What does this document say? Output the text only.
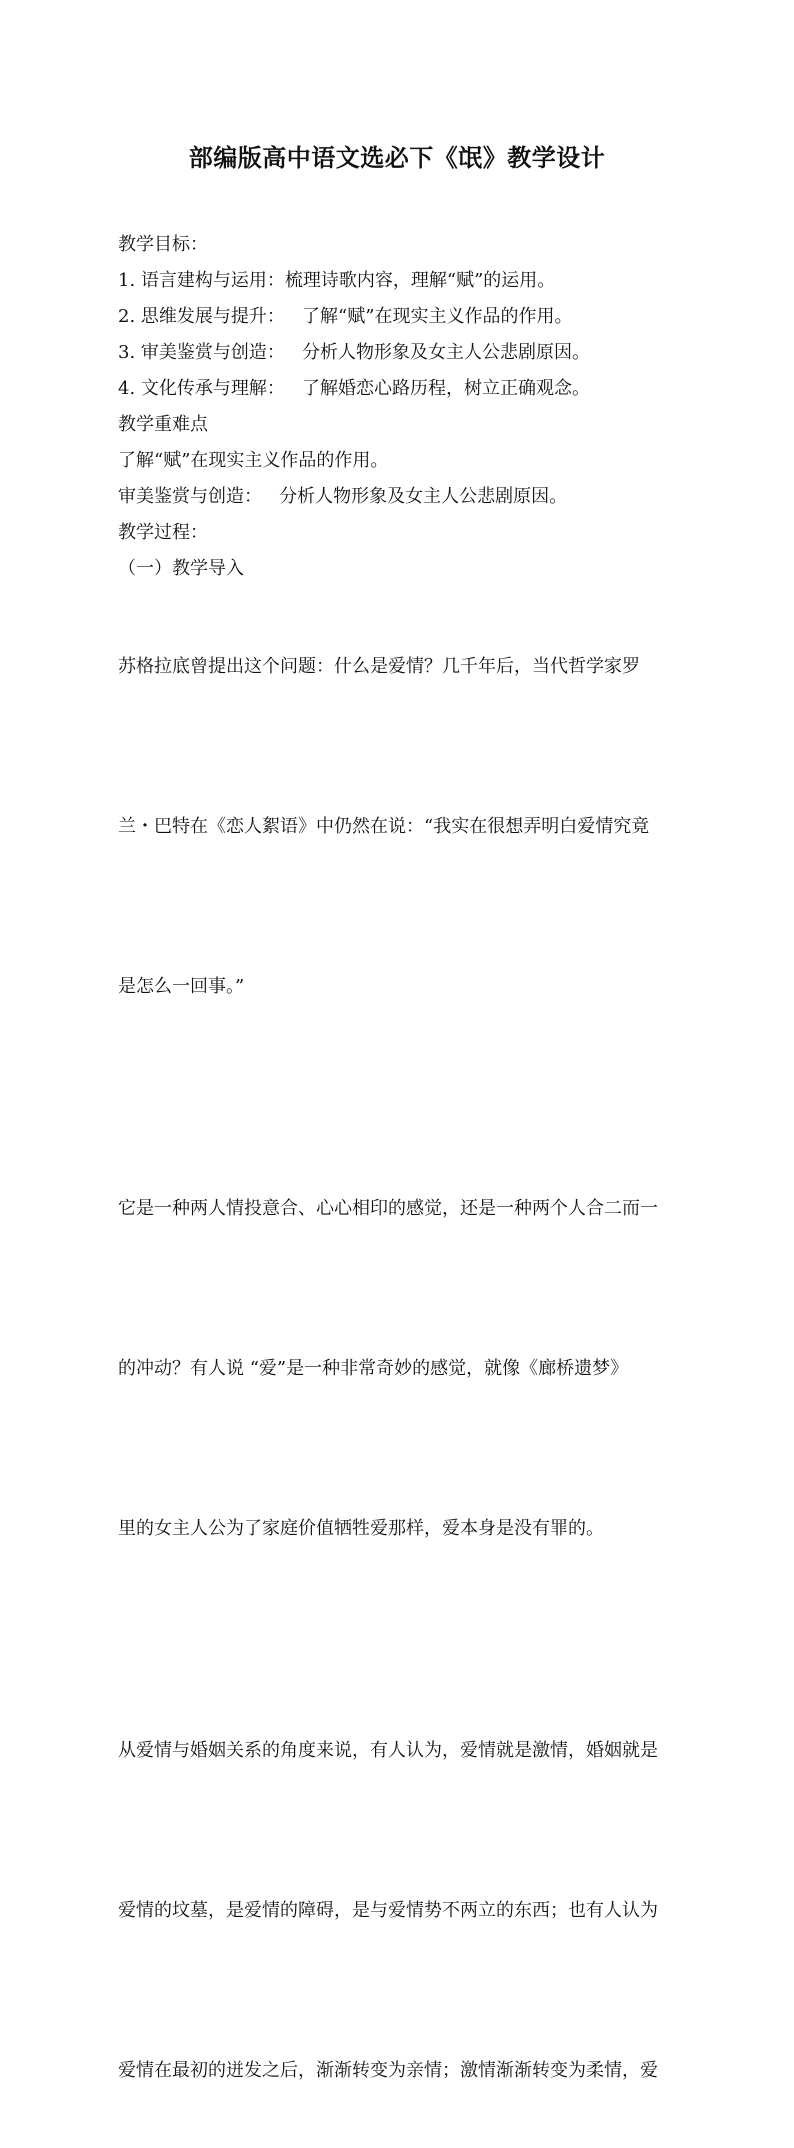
部编版高中语文选必下《氓》教学设计

教学目标：

1. 语言建构与运用：梳理诗歌内容，理解“赋”的运用。

2. 思维发展与提升：   了解“赋”在现实主义作品的作用。

3. 审美鉴赏与创造：   分析人物形象及女主人公悲剧原因。

4. 文化传承与理解：   了解婚恋心路历程，树立正确观念。

教学重难点

了解“赋”在现实主义作品的作用。

审美鉴赏与创造：   分析人物形象及女主人公悲剧原因。

教学过程：

（一）教学导入

苏格拉底曾提出这个问题：什么是爱情？几千年后，当代哲学家罗

兰・巴特在《恋人絮语》中仍然在说：“我实在很想弄明白爱情究竟

是怎么一回事。”

它是一种两人情投意合、心心相印的感觉，还是一种两个人合二而一

的冲动？有人说 “爱”是一种非常奇妙的感觉，就像《廊桥遗梦》

里的女主人公为了家庭价值牺牲爱那样，爱本身是没有罪的。

从爱情与婚姻关系的角度来说，有人认为，爱情就是激情，婚姻就是

爱情的坟墓，是爱情的障碍，是与爱情势不两立的东西；也有人认为

爱情在最初的迸发之后，渐渐转变为亲情；激情渐渐转变为柔情，爱
